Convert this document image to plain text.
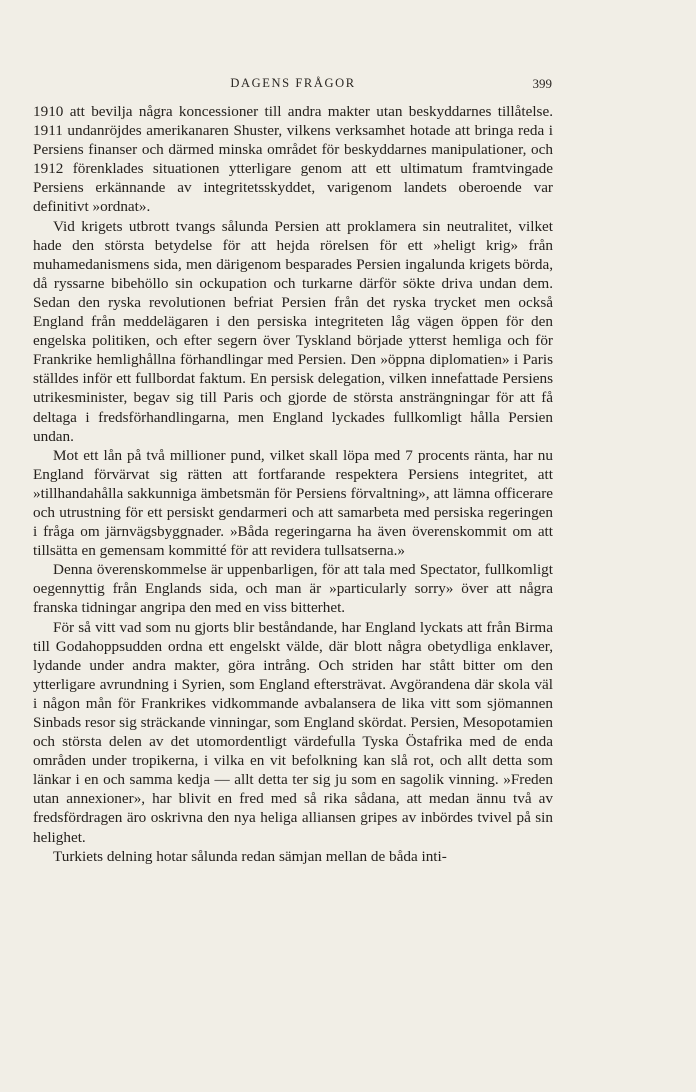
DAGENS FRÅGOR	399

1910 att bevilja några koncessioner till andra makter utan beskyddarnes tillåtelse. 1911 undanröjdes amerikanaren Shuster, vilkens verksamhet hotade att bringa reda i Persiens finanser och därmed minska området för beskyddarnes manipulationer, och 1912 förenklades situationen ytterligare genom att ett ultimatum framtvingade Persiens erkännande av integritetsskyddet, varigenom landets oberoende var definitivt »ordnat».

Vid krigets utbrott tvangs sålunda Persien att proklamera sin neutralitet, vilket hade den största betydelse för att hejda rörelsen för ett »heligt krig» från muhamedanismens sida, men därigenom besparades Persien ingalunda krigets börda, då ryssarne bibehöllo sin ockupation och turkarne därför sökte driva undan dem. Sedan den ryska revolutionen befriat Persien från det ryska trycket men också England från meddelägaren i den persiska integriteten låg vägen öppen för den engelska politiken, och efter segern över Tyskland började ytterst hemliga och för Frankrike hemlighållna förhandlingar med Persien. Den »öppna diplomatien» i Paris ställdes inför ett fullbordat faktum. En persisk delegation, vilken innefattade Persiens utrikesminister, begav sig till Paris och gjorde de största ansträngningar för att få deltaga i fredsförhandlingarna, men England lyckades fullkomligt hålla Persien undan.

Mot ett lån på två millioner pund, vilket skall löpa med 7 procents ränta, har nu England förvärvat sig rätten att fortfarande respektera Persiens integritet, att »tillhandahålla sakkunniga ämbetsmän för Persiens förvaltning», att lämna officerare och utrustning för ett persiskt gendarmeri och att samarbeta med persiska regeringen i fråga om järnvägsbyggnader. »Båda regeringarna ha även överenskommit om att tillsätta en gemensam kommitté för att revidera tullsatserna.»

Denna överenskommelse är uppenbarligen, för att tala med Spectator, fullkomligt oegennyttig från Englands sida, och man är »particularly sorry» över att några franska tidningar angripa den med en viss bitterhet.

För så vitt vad som nu gjorts blir beståndande, har England lyckats att från Birma till Godahoppsudden ordna ett engelskt välde, där blott några obetydliga enklaver, lydande under andra makter, göra intrång. Och striden har stått bitter om den ytterligare avrundning i Syrien, som England eftersträvat. Avgörandena där skola väl i någon mån för Frankrikes vidkommande avbalansera de lika vitt som sjömannen Sinbads resor sig sträckande vinningar, som England skördat. Persien, Mesopotamien och största delen av det utomordentligt värdefulla Tyska Östafrika med de enda områden under tropikerna, i vilka en vit befolkning kan slå rot, och allt detta som länkar i en och samma kedja — allt detta ter sig ju som en sagolik vinning. »Freden utan annexioner», har blivit en fred med så rika sådana, att medan ännu två av fredsfördragen äro oskrivna den nya heliga alliansen gripes av inbördes tvivel på sin helighet.

Turkiets delning hotar sålunda redan sämjan mellan de båda inti-
